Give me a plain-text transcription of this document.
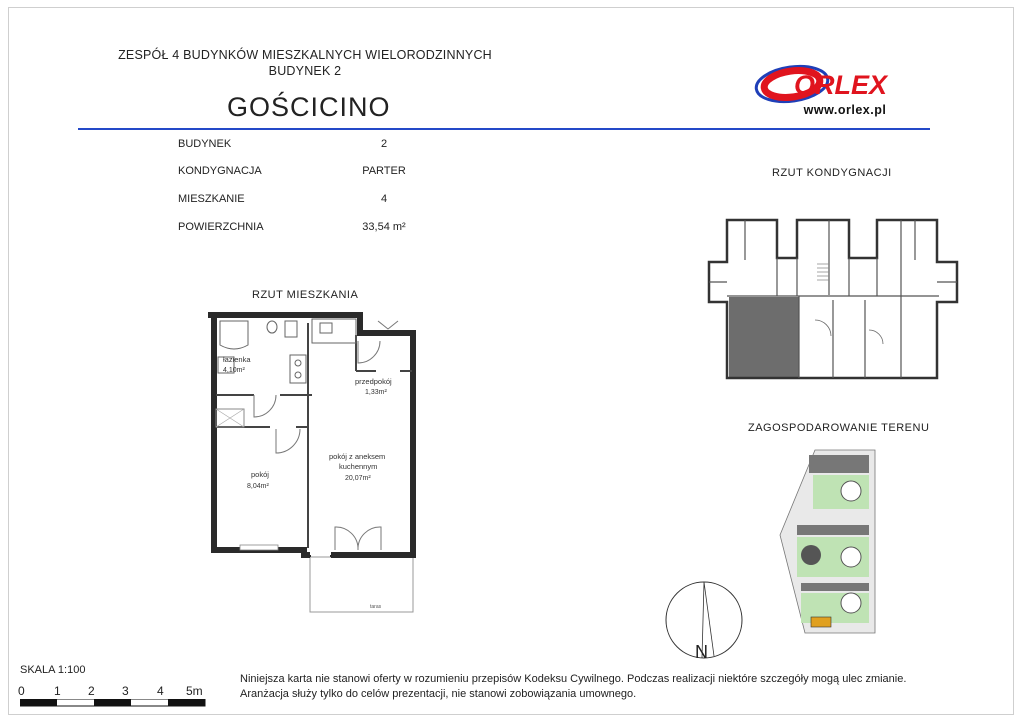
ZESPÓŁ 4 BUDYNKÓW MIESZKALNYCH WIELORODZINNYCH
BUDYNEK 2
GOŚCICINO
ORLEX
www.orlex.pl
BUDYNEK	2
KONDYGNACJA	PARTER
MIESZKANIE	4
POWIERZCHNIA	33,54 m²
RZUT MIESZKANIA
RZUT KONDYGNACJI
ZAGOSPODAROWANIE TERENU
taras
łazienka
4,10m²
przedpokój
1,33m²
pokój z aneksem
kuchennym
20,07m²
pokój
8,04m²
N
SKALA 1:100
0 1 2 3 4 5m
Niniejsza karta nie stanowi oferty w rozumieniu przepisów Kodeksu Cywilnego. Podczas realizacji niektóre szczegóły mogą ulec zmianie.
Aranżacja służy tylko do celów prezentacji, nie stanowi zobowiązania umownego.
